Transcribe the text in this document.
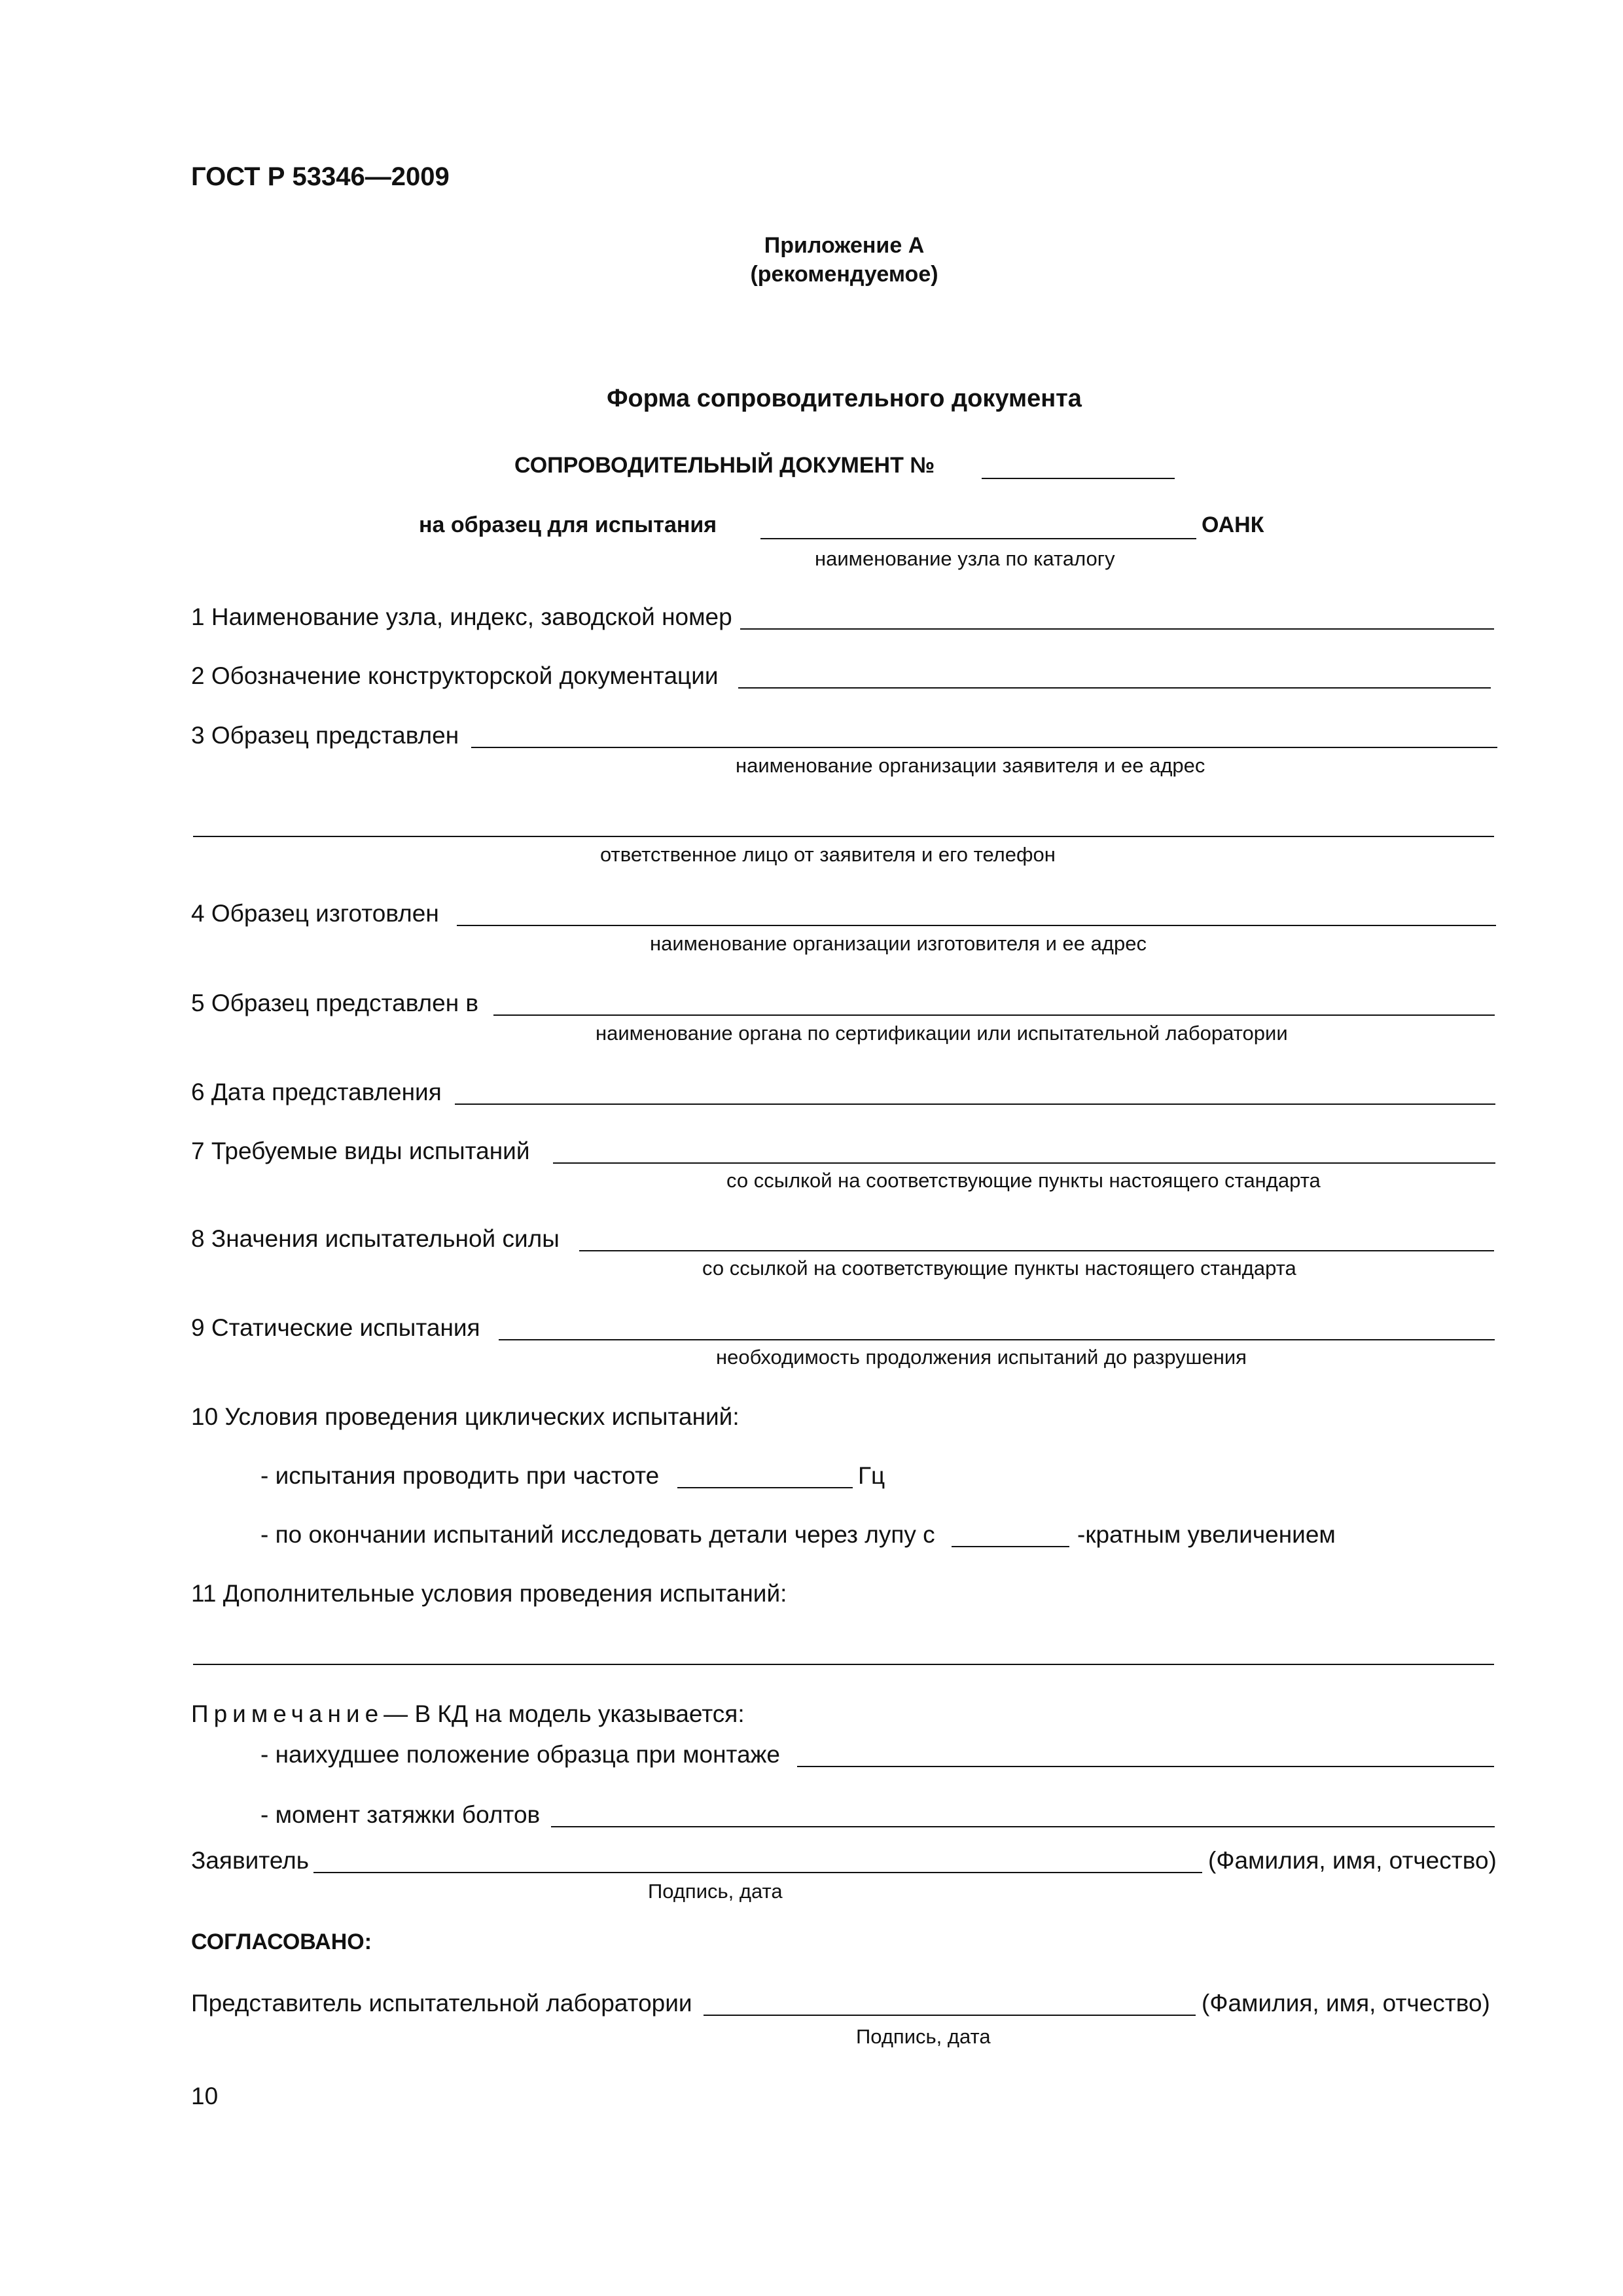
ГОСТ Р 53346—2009
Приложение А
(рекомендуемое)
Форма сопроводительного документа
СОПРОВОДИТЕЛЬНЫЙ ДОКУМЕНТ №
на образец для испытания	ОАНК
наименование узла по каталогу
1 Наименование узла, индекс, заводской номер
2 Обозначение конструкторской документации
3 Образец представлен
наименование организации заявителя и ее адрес
ответственное лицо от заявителя и его телефон
4 Образец изготовлен
наименование организации изготовителя и ее адрес
5 Образец представлен в
наименование органа по сертификации или испытательной лаборатории
6 Дата представления
7 Требуемые виды испытаний
со ссылкой на соответствующие пункты настоящего стандарта
8 Значения испытательной силы
со ссылкой на соответствующие пункты настоящего стандарта
9 Статические испытания
необходимость продолжения испытаний до разрушения
10 Условия проведения циклических испытаний:
- испытания проводить при частоте	Гц
- по окончании испытаний исследовать детали через лупу с	-кратным увеличением
11 Дополнительные условия проведения испытаний:
Примечание— В КД на модель указывается:
- наихудшее положение образца при монтаже
- момент затяжки болтов
Заявитель	(Фамилия, имя, отчество)
Подпись, дата
СОГЛАСОВАНО:
Представитель испытательной лаборатории	(Фамилия, имя, отчество)
Подпись, дата
10
